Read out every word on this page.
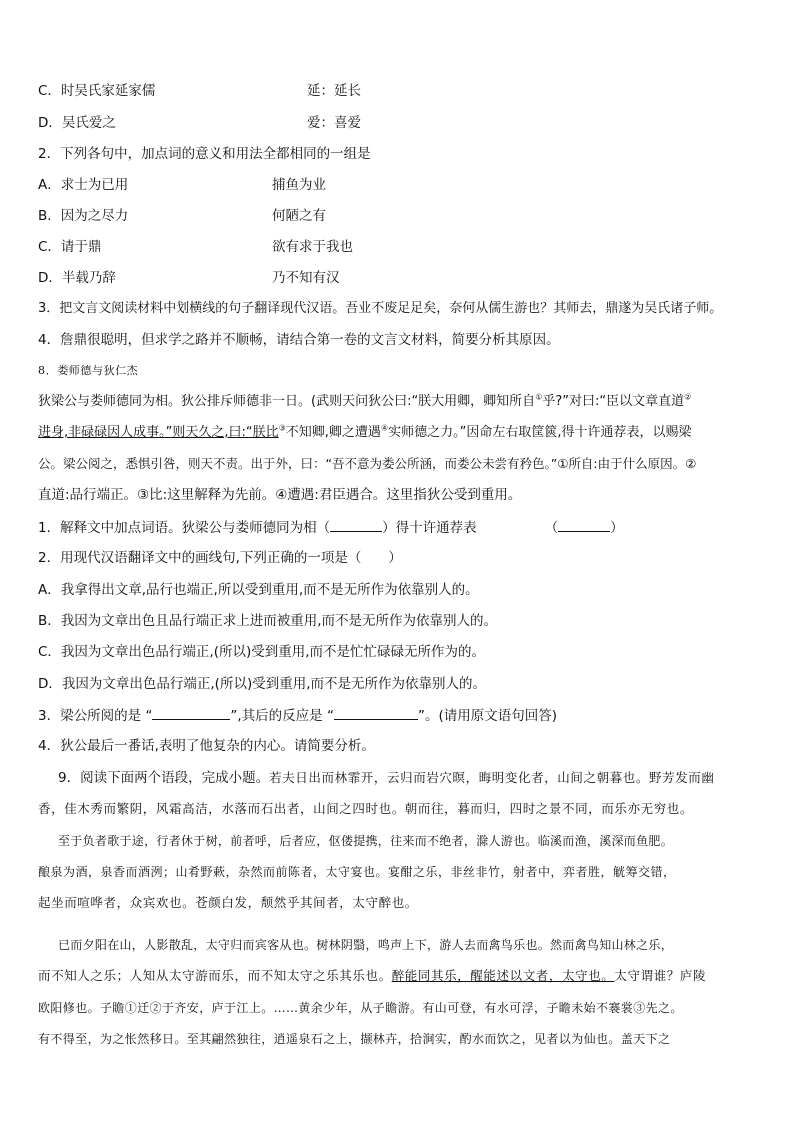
C．时吴氏家延家儒	延：延长
D．吴氏爱之	爱：喜爱
2．下列各句中，加点词的意义和用法全都相同的一组是
A．求士为已用	捕鱼为业
B．因为之尽力	何陋之有
C．请于鼎	欲有求于我也
D．半载乃辞	乃不知有汉
3．把文言文阅读材料中划横线的句子翻译现代汉语。吾业不废足足矣，奈何从儒生游也？其师去，鼎遂为吴氏诸子师。
4．詹鼎很聪明，但求学之路并不顺畅，请结合第一卷的文言文材料，简要分析其原因。
8．娄师德与狄仁杰
狄梁公与娄师德同为相。狄公排斥师德非一日。(武则天问狄公曰:“朕大用卿，卿知所自①乎?”对曰:“臣以文章直道②
进身,非碌碌因人成事。”则天久之,曰:“朕比③不知卿,卿之遭遇④实师德之力。”因命左右取筐篋,得十许通荐表，以赐梁
公。梁公阅之，悉惧引咎，则天不责。出于外，曰：“吾不意为娄公所涵，而娄公未尝有矜色。”①所自:由于什么原因。②
直道:品行端正。③比:这里解释为先前。④遭遇:君臣遇合。这里指狄公受到重用。
1．解释文中加点词语。狄梁公与娄师德同为相（	）得十许通荐表	（	）
2．用现代汉语翻译文中的画线句,下列正确的一项是（　　）
A．我拿得出文章,品行也端正,所以受到重用,而不是无所作为依靠别人的。
B．我因为文章出色且品行端正求上进而被重用,而不是无所作为依靠别人的。
C．我因为文章出色品行端正,(所以)受到重用,而不是忙忙碌碌无所作为的。
D．我因为文章出色品行端正,(所以)受到重用,而不是无所作为依靠别人的。
3．梁公所阅的是 “	”,其后的反应是 “	”。(请用原文语句回答)
4．狄公最后一番话,表明了他复杂的内心。请简要分析。
9．阅读下面两个语段，完成小题。若夫日出而林霏开，云归而岩穴暝，晦明变化者，山间之朝暮也。野芳发而幽
香，佳木秀而繁阴，风霜高洁，水落而石出者，山间之四时也。朝而往，暮而归，四时之景不同，而乐亦无穷也。
至于负者歌于途，行者休于树，前者呼，后者应，伛偻提携，往来而不绝者，滁人游也。临溪而渔，溪深而鱼肥。
酿泉为酒，泉香而酒洌；山肴野蔌，杂然而前陈者，太守宴也。宴酣之乐，非丝非竹，射者中，弈者胜，觥筹交错，
起坐而喧哗者，众宾欢也。苍颜白发，颓然乎其间者，太守醉也。
已而夕阳在山，人影散乱，太守归而宾客从也。树林阴翳，鸣声上下，游人去而禽鸟乐也。然而禽鸟知山林之乐，
而不知人之乐；人知从太守游而乐，而不知太守之乐其乐也。醉能同其乐，醒能述以文者，太守也。太守谓谁？庐陵
欧阳修也。子瞻①迁②于齐安，庐于江上。……黄余少年，从子瞻游。有山可登，有水可浮，子瞻未始不褰裳③先之。
有不得至，为之怅然移日。至其翩然独往，逍遥泉石之上，撷林卉，拾涧实，酌水而饮之，见者以为仙也。盖天下之
